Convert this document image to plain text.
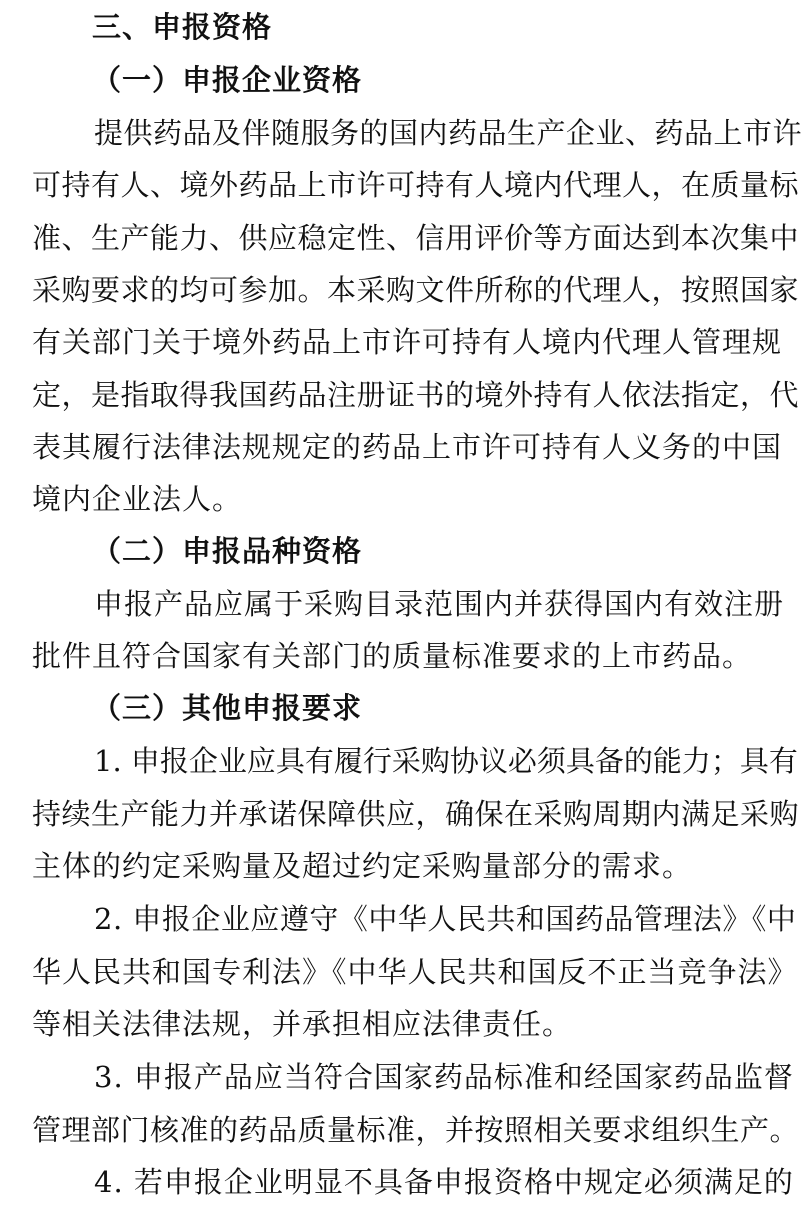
三、申报资格
（一）申报企业资格
提供药品及伴随服务的国内药品生产企业、药品上市许
可持有人、境外药品上市许可持有人境内代理人，在质量标
准、生产能力、供应稳定性、信用评价等方面达到本次集中
采购要求的均可参加。本采购文件所称的代理人，按照国家
有关部门关于境外药品上市许可持有人境内代理人管理规
定，是指取得我国药品注册证书的境外持有人依法指定，代
表其履行法律法规规定的药品上市许可持有人义务的中国
境内企业法人。
（二）申报品种资格
申报产品应属于采购目录范围内并获得国内有效注册
批件且符合国家有关部门的质量标准要求的上市药品。
（三）其他申报要求
1. 申报企业应具有履行采购协议必须具备的能力；具有
持续生产能力并承诺保障供应，确保在采购周期内满足采购
主体的约定采购量及超过约定采购量部分的需求。
2. 申报企业应遵守《中华人民共和国药品管理法》《中
华人民共和国专利法》《中华人民共和国反不正当竞争法》
等相关法律法规，并承担相应法律责任。
3. 申报产品应当符合国家药品标准和经国家药品监督
管理部门核准的药品质量标准，并按照相关要求组织生产。
4. 若申报企业明显不具备申报资格中规定必须满足的
